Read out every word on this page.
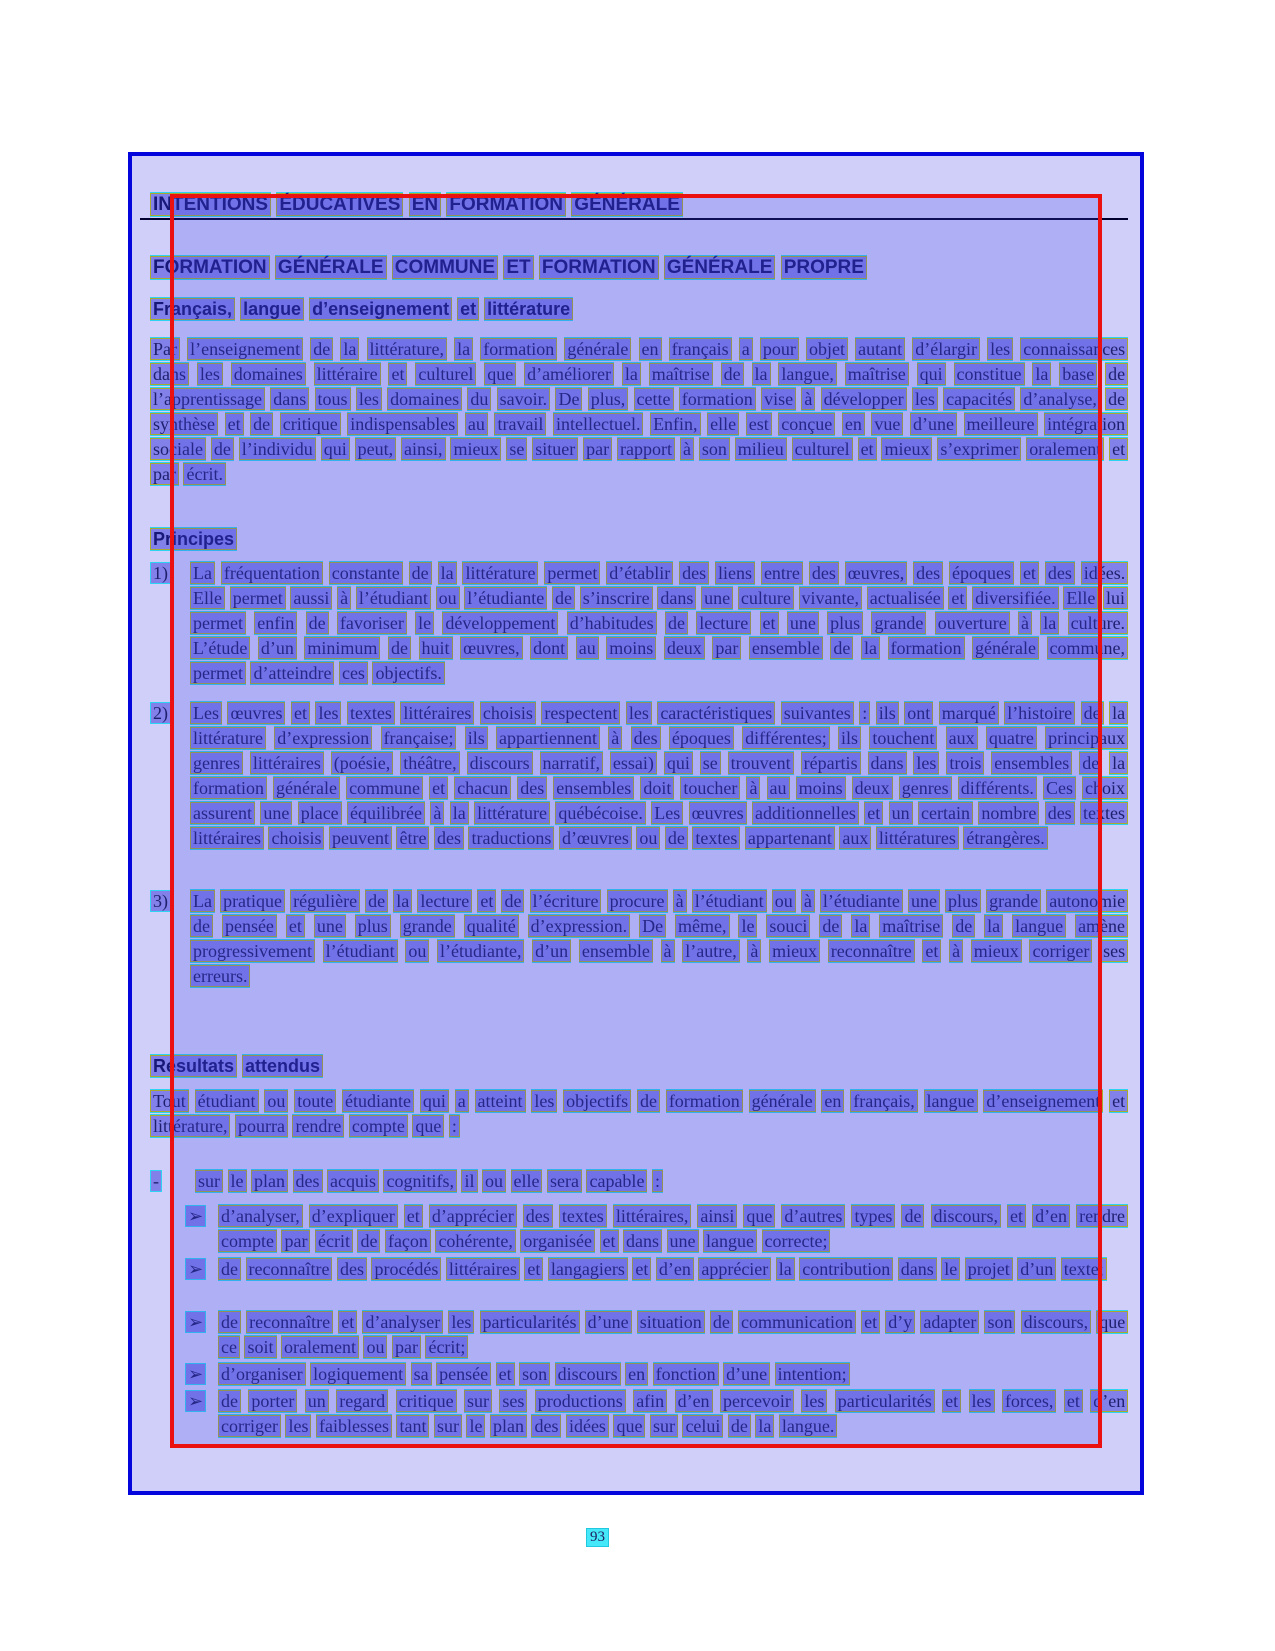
INTENTIONS ÉDUCATIVES EN FORMATION GÉNÉRALE
FORMATION GÉNÉRALE COMMUNE ET FORMATION GÉNÉRALE PROPRE
Français, langue d’enseignement et littérature
Par l’enseignement de la littérature, la formation générale en français a pour objet autant d’élargir les connaissances dans les domaines littéraire et culturel que d’améliorer la maîtrise de la langue, maîtrise qui constitue la base de l’apprentissage dans tous les domaines du savoir. De plus, cette formation vise à développer les capacités d’analyse, de synthèse et de critique indispensables au travail intellectuel. Enfin, elle est conçue en vue d’une meilleure intégration sociale de l’individu qui peut, ainsi, mieux se situer par rapport à son milieu culturel et mieux s’exprimer oralement et par écrit.
Principes
1) La fréquentation constante de la littérature permet d’établir des liens entre des œuvres, des époques et des idées. Elle permet aussi à l’étudiant ou l’étudiante de s’inscrire dans une culture vivante, actualisée et diversifiée. Elle lui permet enfin de favoriser le développement d’habitudes de lecture et une plus grande ouverture à la culture. L’étude d’un minimum de huit œuvres, dont au moins deux par ensemble de la formation générale commune, permet d’atteindre ces objectifs.
2) Les œuvres et les textes littéraires choisis respectent les caractéristiques suivantes : ils ont marqué l’histoire de la littérature d’expression française; ils appartiennent à des époques différentes; ils touchent aux quatre principaux genres littéraires (poésie, théâtre, discours narratif, essai) qui se trouvent répartis dans les trois ensembles de la formation générale commune et chacun des ensembles doit toucher à au moins deux genres différents. Ces choix assurent une place équilibrée à la littérature québécoise. Les œuvres additionnelles et un certain nombre des textes littéraires choisis peuvent être des traductions d’œuvres ou de textes appartenant aux littératures étrangères.
3) La pratique régulière de la lecture et de l’écriture procure à l’étudiant ou à l’étudiante une plus grande autonomie de pensée et une plus grande qualité d’expression. De même, le souci de la maîtrise de la langue amène progressivement l’étudiant ou l’étudiante, d’un ensemble à l’autre, à mieux reconnaître et à mieux corriger ses erreurs.
Résultats attendus
Tout étudiant ou toute étudiante qui a atteint les objectifs de formation générale en français, langue d’enseignement et littérature, pourra rendre compte que :
- sur le plan des acquis cognitifs, il ou elle sera capable :
➢ d’analyser, d’expliquer et d’apprécier des textes littéraires, ainsi que d’autres types de discours, et d’en rendre compte par écrit de façon cohérente, organisée et dans une langue correcte;
➢ de reconnaître des procédés littéraires et langagiers et d’en apprécier la contribution dans le projet d’un texte;
➢ de reconnaître et d’analyser les particularités d’une situation de communication et d’y adapter son discours, que ce soit oralement ou par écrit;
➢ d’organiser logiquement sa pensée et son discours en fonction d’une intention;
➢ de porter un regard critique sur ses productions afin d’en percevoir les particularités et les forces, et d’en corriger les faiblesses tant sur le plan des idées que sur celui de la langue.
93
